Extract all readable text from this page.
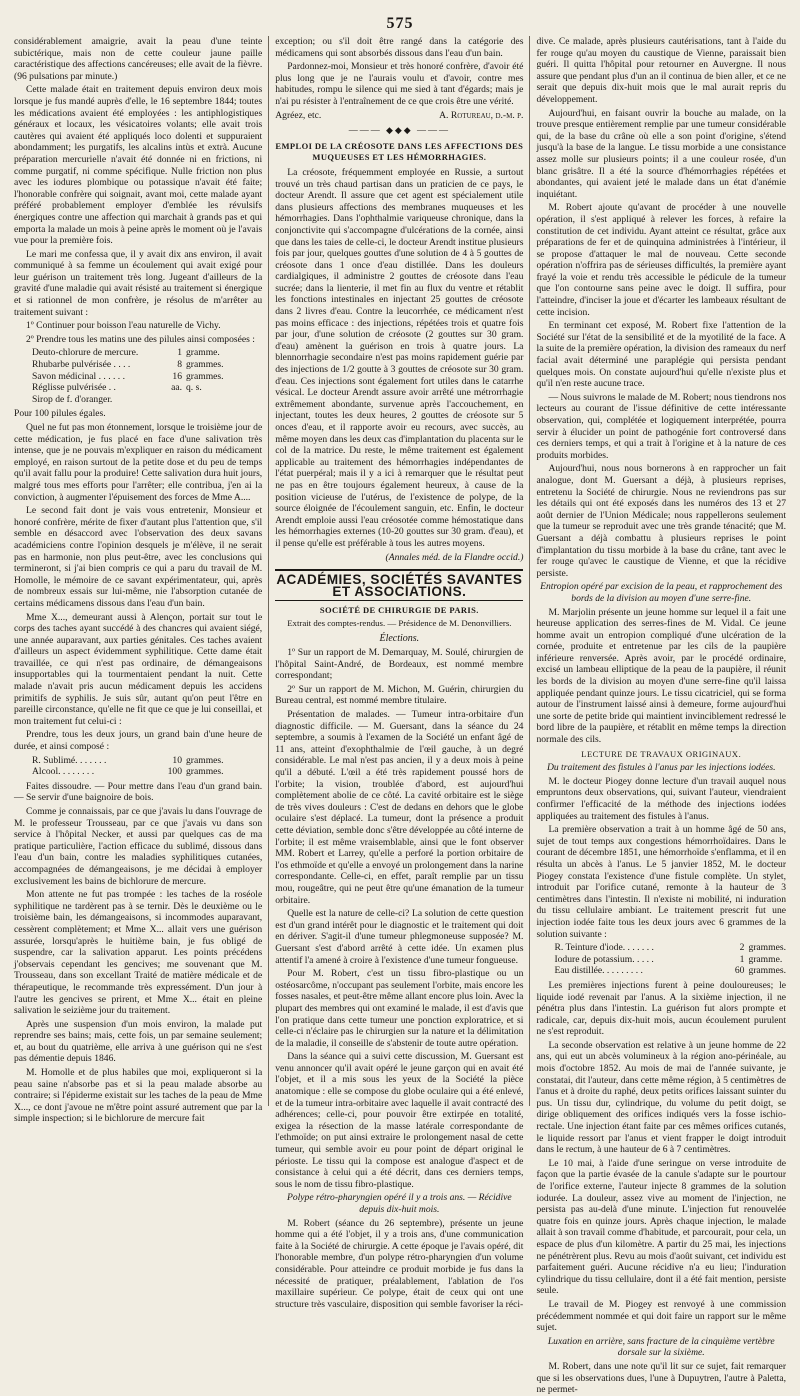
575

considérablement amaigrie, avait la peau d'une teinte subictérique, mais non de cette couleur jaune paille caractéristique des affections cancéreuses; elle avait de la fièvre. (96 pulsations par minute.)

Cette malade était en traitement depuis environ deux mois lorsque je fus mandé auprès d'elle, le 16 septembre 1844; toutes les médications avaient été employées : les antiphlogistiques généraux et locaux, les vésicatoires volants; elle avait trois cautères qui avaient été appliqués loco dolenti et suppuraient abondamment; les purgatifs, les alcalins intùs et extrà. Aucune préparation mercurielle n'avait été donnée ni en frictions, ni comme purgatif, ni comme spécifique. Nulle friction non plus avec les iodures plombique ou potassique n'avait été faite; l'honorable confrère qui soignait, avant moi, cette malade ayant préféré probablement employer d'emblée les révulsifs énergiques contre une affection qui marchait à grands pas et qui emporta la malade un mois à peine après le moment où je l'avais vue pour la première fois.

Le mari me confessa que, il y avait dix ans environ, il avait communiqué à sa femme un écoulement qui avait exigé pour leur guérison un traitement très long. Jugeant d'ailleurs de la gravité d'une maladie qui avait résisté au traitement si énergique et si rationnel de mon confrère, je résolus de m'arrêter au traitement suivant :

1º Continuer pour boisson l'eau naturelle de Vichy.

2º Prendre tous les matins une des pilules ainsi composées :

Deuto-chlorure de mercure.	1 gramme.
Rhubarbe pulvérisée . . . .	8 grammes.
Savon médicinal . . . . . .	16 grammes.
Réglisse pulvérisée . .	aa. q. s.
Sirop de f. d'oranger.

Pour 100 pilules égales.

Quel ne fut pas mon étonnement, lorsque le troisième jour de cette médication, je fus placé en face d'une salivation très intense, que je ne pouvais m'expliquer en raison du médicament employé, en raison surtout de la petite dose et du peu de temps qu'il avait fallu pour la produire! Cette salivation dura huit jours, malgré tous mes efforts pour l'arrêter; elle contribua, j'en ai la conviction, à augmenter l'épuisement des forces de Mme A....

Le second fait dont je vais vous entretenir, Monsieur et honoré confrère, mérite de fixer d'autant plus l'attention que, s'il semble en désaccord avec l'observation des deux savans académiciens contre l'opinion desquels je m'élève, il ne serait pas en harmonie, non plus peut-être, avec les conclusions qui termineront, si j'ai bien compris ce qui a paru du travail de M. Homolle, le mémoire de ce savant expérimentateur, qui, après de nombreux essais sur lui-même, nie l'absorption cutanée de certains médicamens dissous dans l'eau d'un bain.

Mme X..., demeurant aussi à Alençon, portait sur tout le corps des taches ayant succédé à des chancres qui avaient siégé, une année auparavant, aux parties génitales. Ces taches avaient d'ailleurs un aspect évidemment syphilitique. Cette dame était travaillée, ce qui n'est pas ordinaire, de démangeaisons insupportables qui la tourmentaient pendant la nuit. Cette malade n'avait pris aucun médicament depuis les accidens primitifs de syphilis. Je suis sûr, autant qu'on peut l'être en pareille circonstance, qu'elle ne fit que ce que je lui conseillai, et mon traitement fut celui-ci :

Prendre, tous les deux jours, un grand bain d'une heure de durée, et ainsi composé :

R. Sublimé. . . . . . .	10 grammes.
Alcool. . . . . . . .	100 grammes.

Faites dissoudre. — Pour mettre dans l'eau d'un grand bain. — Se servir d'une baignoire de bois.

Comme je connaissais, par ce que j'avais lu dans l'ouvrage de M. le professeur Trousseau, par ce que j'avais vu dans son service à l'hôpital Necker, et aussi par quelques cas de ma pratique particulière, l'action efficace du sublimé, dissous dans l'eau d'un bain, contre les maladies syphilitiques cutanées, accompagnées de démangeaisons, je me décidai à employer exclusivement les bains de bichlorure de mercure.

Mon attente ne fut pas trompée : les taches de la roséole syphilitique ne tardèrent pas à se ternir. Dès le deuxième ou le troisième bain, les démangeaisons, si incommodes auparavant, cessèrent complètement; et Mme X... allait vers une guérison assurée, lorsqu'après le huitième bain, je fus obligé de suspendre, car la salivation apparut. Les points précédens j'observais cependant les gencives; me souvenant que M. Trousseau, dans son excellant Traité de matière médicale et de thérapeutique, le recommande très expressément. D'un jour à l'autre les gencives se prirent, et Mme X... était en pleine salivation le seizième jour du traitement.

Après une suspension d'un mois environ, la malade put reprendre ses bains; mais, cette fois, un par semaine seulement; et, au bout du quatrième, elle arriva à une guérison qui ne s'est pas démentie depuis 1846.

M. Homolle et de plus habiles que moi, expliqueront si la peau saine n'absorbe pas et si la peau malade absorbe au contraire; si l'épiderme existait sur les taches de la peau de Mme X..., ce dont j'avoue ne m'être point assuré autrement que par la simple inspection; si le bichlorure de mercure fait

exception; ou s'il doit être rangé dans la catégorie des médicamens qui sont absorbés dissous dans l'eau d'un bain.

Pardonnez-moi, Monsieur et très honoré confrère, d'avoir été plus long que je ne l'aurais voulu et d'avoir, contre mes habitudes, rompu le silence qui me sied à tant d'égards; mais je n'ai pu résister à l'entraînement de ce que crois être une vérité.

Agréez, etc.	A. Rotureau, d.-m. p.
——— ◆◆◆ ———
EMPLOI DE LA CRÉOSOTE DANS LES AFFECTIONS DES MUQUEUSES ET LES HÉMORRHAGIES.

La créosote, fréquemment employée en Russie, a surtout trouvé un très chaud partisan dans un praticien de ce pays, le docteur Arendt. Il assure que cet agent est spécialement utile dans plusieurs affections des membranes muqueuses et les hémorrhagies. Dans l'ophthalmie variqueuse chronique, dans la conjonctivite qui s'accompagne d'ulcérations de la cornée, ainsi que dans les taies de celle-ci, le docteur Arendt institue plusieurs fois par jour, quelques gouttes d'une solution de 4 à 5 gouttes de créosote dans 1 once d'eau distillée. Dans les douleurs cardialgiques, il administre 2 gouttes de créosote dans l'eau sucrée; dans la lienterie, il met fin au flux du ventre et rétablit les fonctions intestinales en injectant 25 gouttes de créosote dans 2 livres d'eau. Contre la leucorrhée, ce médicament n'est pas moins efficace : des injections, répétées trois et quatre fois par jour, d'une solution de créosote (2 gouttes sur 30 gram. d'eau) amènent la guérison en trois à quatre jours. La blennorrhagie secondaire n'est pas moins rapidement guérie par des injections de 1/2 goutte à 3 gouttes de créosote sur 30 gram. d'eau. Ces injections sont également fort utiles dans le catarrhe vésical. Le docteur Arendt assure avoir arrêté une métrorrhagie extrêmement abondante, survenue après l'accouchement, en injectant, toutes les deux heures, 2 gouttes de créosote sur 5 onces d'eau, et il rapporte avoir eu recours, avec succès, au même moyen dans les deux cas d'implantation du placenta sur le col de la matrice. Du reste, le même traitement est également applicable au traitement des hémorrhagies indépendantes de l'état puerpéral; mais il y a ici à remarquer que le résultat peut ne pas en être toujours également heureux, à cause de la position vicieuse de l'utérus, de l'existence de polype, de la source éloignée de l'écoulement sanguin, etc. Enfin, le docteur Arendt emploie aussi l'eau créosotée comme hémostatique dans les hémorrhagies externes (10-20 gouttes sur 30 gram. d'eau), et il pense qu'elle est préférable à tous les autres moyens.

(Annales méd. de la Flandre occid.)
ACADÉMIES, SOCIÉTÉS SAVANTES ET ASSOCIATIONS.
SOCIÉTÉ DE CHIRURGIE DE PARIS.
Extrait des comptes-rendus. — Présidence de M. Denonvilliers.
Élections.

1º Sur un rapport de M. Demarquay, M. Soulé, chirurgien de l'hôpital Saint-André, de Bordeaux, est nommé membre correspondant;

2º Sur un rapport de M. Michon, M. Guérin, chirurgien du Bureau central, est nommé membre titulaire.

Présentation de malades. — Tumeur intra-orbitaire d'un diagnostic difficile. — M. Guersant, dans la séance du 24 septembre, a soumis à l'examen de la Société un enfant âgé de 11 ans, atteint d'exophthalmie de l'œil gauche, à un degré considérable. Le mal n'est pas ancien, il y a deux mois à peine qu'il a débuté. L'œil a été très rapidement poussé hors de l'orbite; la vision, troublée d'abord, est aujourd'hui complètement abolie de ce côté. La cavité orbitaire est le siège de très vives douleurs : C'est de dedans en dehors que le globe oculaire s'est déplacé. La tumeur, dont la présence a produit cette déviation, semble donc s'être développée au côté interne de l'orbite; il est même vraisemblable, ainsi que le font observer MM. Robert et Larrey, qu'elle a perforé la portion orbitaire de l'os ethmoïde et qu'elle a envoyé un prolongement dans la narine correspondante. Celle-ci, en effet, paraît remplie par un tissu mou, rougeâtre, qui ne peut être qu'une émanation de la tumeur orbitaire.

Quelle est la nature de celle-ci? La solution de cette question est d'un grand intérêt pour le diagnostic et le traitement qui doit en dériver. S'agit-il d'une tumeur phlegmoneuse supposée? M. Guersant s'est d'abord arrêté à cette idée. Un examen plus attentif l'a amené à croire à l'existence d'une tumeur fongueuse.

Pour M. Robert, c'est un tissu fibro-plastique ou un ostéosarcôme, n'occupant pas seulement l'orbite, mais encore les fosses nasales, et peut-être même allant encore plus loin. Avec la plupart des membres qui ont examiné le malade, il est d'avis que l'on pratique dans cette tumeur une ponction exploratrice, et si celle-ci n'éclaire pas le chirurgien sur la nature et la délimitation de la maladie, il conseille de s'abstenir de toute autre opération.

Dans la séance qui a suivi cette discussion, M. Guersant est venu annoncer qu'il avait opéré le jeune garçon qui en avait été l'objet, et il a mis sous les yeux de la Société la pièce anatomique : elle se compose du globe oculaire qui a été enlevé, et de la tumeur intra-orbitaire avec laquelle il avait contracté des adhérences; celle-ci, pour pouvoir être extirpée en totalité, exigea la résection de la masse latérale correspondante de l'ethmoïde; on put ainsi extraire le prolongement nasal de cette tumeur, qui semble avoir eu pour point de départ original le périoste. Le tissu qui la compose est analogue d'aspect et de consistance à celui qui a été décrit, dans ces derniers temps, sous le nom de tissu fibro-plastique.

Polype rétro-pharyngien opéré il y a trois ans. — Récidive depuis dix-huit mois.

M. Robert (séance du 26 septembre), présente un jeune homme qui a été l'objet, il y a trois ans, d'une communication faite à la Société de chirurgie. A cette époque je l'avais opéré, dit l'honorable membre, d'un polype rétro-pharyngien d'un volume considérable. Pour atteindre ce produit morbide je fus dans la nécessité de pratiquer, préalablement, l'ablation de l'os maxillaire supérieur. Ce polype, était de ceux qui ont une structure très vasculaire, disposition qui semble favoriser la réci-

dive. Ce malade, après plusieurs cautérisations, tant à l'aide du fer rouge qu'au moyen du caustique de Vienne, paraissait bien guéri. Il quitta l'hôpital pour retourner en Auvergne. Il nous assure que pendant plus d'un an il continua de bien aller, et ce ne serait que depuis dix-huit mois que le mal aurait repris du développement.

Aujourd'hui, en faisant ouvrir la bouche au malade, on la trouve presque entièrement remplie par une tumeur considérable qui, de la base du crâne où elle a son point d'origine, s'étend jusqu'à la base de la langue. Le tissu morbide a une consistance assez molle sur plusieurs points; il a une couleur rosée, d'un blanc grisâtre. Il a été la source d'hémorrhagies répétées et abondantes, qui avaient jeté le malade dans un état d'anémie inquiétant.

M. Robert ajoute qu'avant de procéder à une nouvelle opération, il s'est appliqué à relever les forces, à refaire la constitution de cet individu. Ayant atteint ce résultat, grâce aux préparations de fer et de quinquina administrées à l'intérieur, il se propose d'attaquer le mal de nouveau. Cette seconde opération n'offrira pas de sérieuses difficultés, la première ayant frayé la voie et rendu très accessible le pédicule de la tumeur que l'on contourne sans peine avec le doigt. Il suffira, pour l'atteindre, d'inciser la joue et d'écarter les lambeaux résultant de cette incision.

En terminant cet exposé, M. Robert fixe l'attention de la Société sur l'état de la sensibilité et de la myotilité de la face. A la suite de la première opération, la division des rameaux du nerf facial avait déterminé une paraplégie qui persista pendant quelques mois. On constate aujourd'hui qu'elle n'existe plus et qu'il n'en reste aucune trace.

— Nous suivrons le malade de M. Robert; nous tiendrons nos lecteurs au courant de l'issue définitive de cette intéressante observation, qui, complétée et logiquement interprétée, pourra servir à élucider un point de pathogénie fort controversé dans ces derniers temps, et qui a trait à l'origine et à la nature de ces produits morbides.

Aujourd'hui, nous nous bornerons à en rapprocher un fait analogue, dont M. Guersant a déjà, à plusieurs reprises, entretenu la Société de chirurgie. Nous ne reviendrons pas sur les détails qui ont été exposés dans les numéros des 13 et 27 août dernier de l'Union Médicale; nous rappellerons seulement que la tumeur se reproduit avec une très grande ténacité; que M. Guersant a déjà combattu à plusieurs reprises le point d'implantation du tissu morbide à la base du crâne, tant avec le fer rouge qu'avec le caustique de Vienne, et que la récidive persiste.

Entropion opéré par excision de la peau, et rapprochement des bords de la division au moyen d'une serre-fine.

M. Marjolin présente un jeune homme sur lequel il a fait une heureuse application des serres-fines de M. Vidal. Ce jeune homme avait un entropion compliqué d'une ulcération de la cornée, produite et entretenue par les cils de la paupière inférieure renversée. Après avoir, par le procédé ordinaire, excisé un lambeau elliptique de la peau de la paupière, il réunit les bords de la division au moyen d'une serre-fine qu'il laissa appliquée pendant quinze jours. Le tissu cicatriciel, qui se forma autour de l'instrument laissé ainsi à demeure, forme aujourd'hui une sorte de petite bride qui maintient invinciblement redressé le bord libre de la paupière, et rétablit en même temps la direction normale des cils.

LECTURE DE TRAVAUX ORIGINAUX.
Du traitement des fistules à l'anus par les injections iodées.

M. le docteur Piogey donne lecture d'un travail auquel nous empruntons deux observations, qui, suivant l'auteur, viendraient confirmer l'efficacité de la méthode des injections iodées appliquées au traitement des fistules à l'anus.

La première observation a trait à un homme âgé de 50 ans, sujet de tout temps aux congestions hémorrhoïdaires. Dans le courant de décembre 1851, une hémorrhoïde s'enflamma, et il en résulta un abcès à l'anus. Le 5 janvier 1852, M. le docteur Piogey constata l'existence d'une fistule complète. Un stylet, introduit par l'orifice cutané, remonte à la hauteur de 3 centimètres dans l'intestin. Il n'existe ni mobilité, ni induration du tissu cellulaire ambiant. Le traitement prescrit fut une injection iodée faite tous les deux jours avec 6 grammes de la solution suivante :

R. Teinture d'iode. . . . . . .	2 grammes.
Iodure de potassium. . . . .	1 gramme.
Eau distillée. . . . . . . . .	60 grammes.

Les premières injections furent à peine douloureuses; le liquide iodé revenait par l'anus. A la sixième injection, il ne pénétra plus dans l'intestin. La guérison fut alors prompte et radicale, car, depuis dix-huit mois, aucun écoulement purulent ne s'est reproduit.

La seconde observation est relative à un jeune homme de 22 ans, qui eut un abcès volumineux à la région ano-périnéale, au mois d'octobre 1852. Au mois de mai de l'année suivante, je constatai, dit l'auteur, dans cette même région, à 5 centimètres de l'anus et à droite du raphé, deux petits orifices laissant suinter du pus. Un tissu dur, cylindrique, du volume du petit doigt, se dirige obliquement des orifices indiqués vers la fosse ischio-rectale. Une injection étant faite par ces mêmes orifices cutanés, le liquide ressort par l'anus et vient frapper le doigt introduit dans le rectum, à une hauteur de 6 à 7 centimètres.

Le 10 mai, à l'aide d'une seringue on verse introduite de façon que la partie évasée de la canule s'adapte sur le pourtour de l'orifice externe, l'auteur injecte 8 grammes de la solution iodurée. La douleur, assez vive au moment de l'injection, ne persista pas au-delà d'une minute. L'injection fut renouvelée quatre fois en quinze jours. Après chaque injection, le malade allait à son travail comme d'habitude, et parcourait, pour cela, un espace de plus d'un kilomètre. A partir du 25 mai, les injections ne pénétrèrent plus. Revu au mois d'août suivant, cet individu est parfaitement guéri. Aucune récidive n'a eu lieu; l'induration cylindrique du tissu cellulaire, dont il a été fait mention, persiste seule.

Le travail de M. Piogey est renvoyé à une commission précédemment nommée et qui doit faire un rapport sur le même sujet.

Luxation en arrière, sans fracture de la cinquième vertèbre dorsale sur la sixième.

M. Robert, dans une note qu'il lit sur ce sujet, fait remarquer que si les observations dues, l'une à Dupuytren, l'autre à Paletta, ne permet-
